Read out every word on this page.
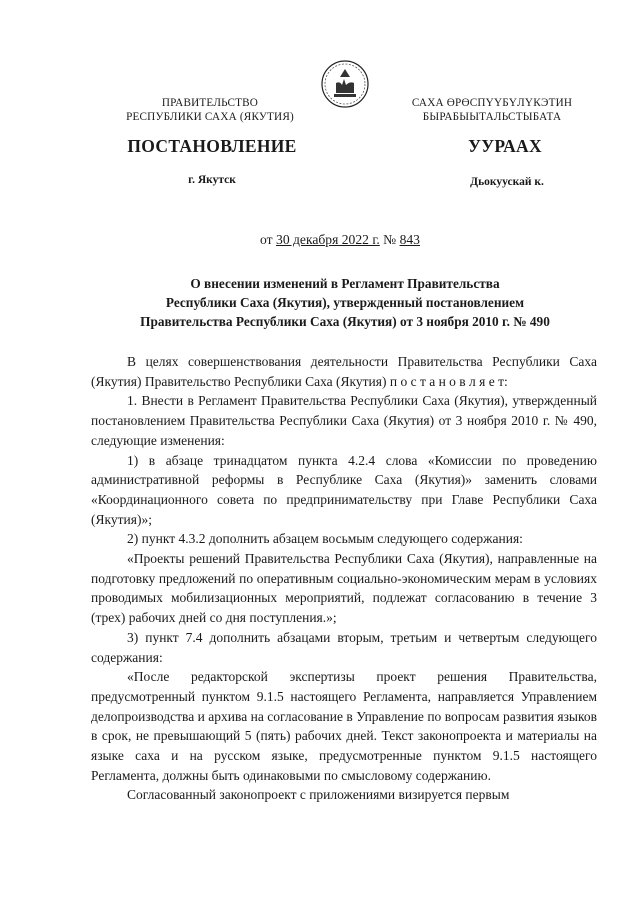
ПРАВИТЕЛЬСТВО
РЕСПУБЛИКИ САХА (ЯКУТИЯ)
САХА ӨРӨСПҮҮБҮЛҮКЭТИН
БЫРАБЫЫТАЛЬСТЫБАТА
ПОСТАНОВЛЕНИЕ	УУРААХ
г. Якутск	Дьокуускай к.
от 30 декабря 2022 г. № 843
О внесении изменений в Регламент Правительства
Республики Саха (Якутия), утвержденный постановлением
Правительства Республики Саха (Якутия) от 3 ноября 2010 г. № 490

В целях совершенствования деятельности Правительства Республики Саха (Якутия) Правительство Республики Саха (Якутия) п о с т а н о в л я е т:

1. Внести в Регламент Правительства Республики Саха (Якутия), утвержденный постановлением Правительства Республики Саха (Якутия) от 3 ноября 2010 г. № 490, следующие изменения:

1) в абзаце тринадцатом пункта 4.2.4 слова «Комиссии по проведению административной реформы в Республике Саха (Якутия)» заменить словами «Координационного совета по предпринимательству при Главе Республики Саха (Якутия)»;

2) пункт 4.3.2 дополнить абзацем восьмым следующего содержания:

«Проекты решений Правительства Республики Саха (Якутия), направленные на подготовку предложений по оперативным социально-экономическим мерам в условиях проводимых мобилизационных мероприятий, подлежат согласованию в течение 3 (трех) рабочих дней со дня поступления.»;

3) пункт 7.4 дополнить абзацами вторым, третьим и четвертым следующего содержания:

«После редакторской экспертизы проект решения Правительства, предусмотренный пунктом 9.1.5 настоящего Регламента, направляется Управлением делопроизводства и архива на согласование в Управление по вопросам развития языков в срок, не превышающий 5 (пять) рабочих дней. Текст законопроекта и материалы на языке саха и на русском языке, предусмотренные пунктом 9.1.5 настоящего Регламента, должны быть одинаковыми по смысловому содержанию.

Согласованный законопроект с приложениями визируется первым
